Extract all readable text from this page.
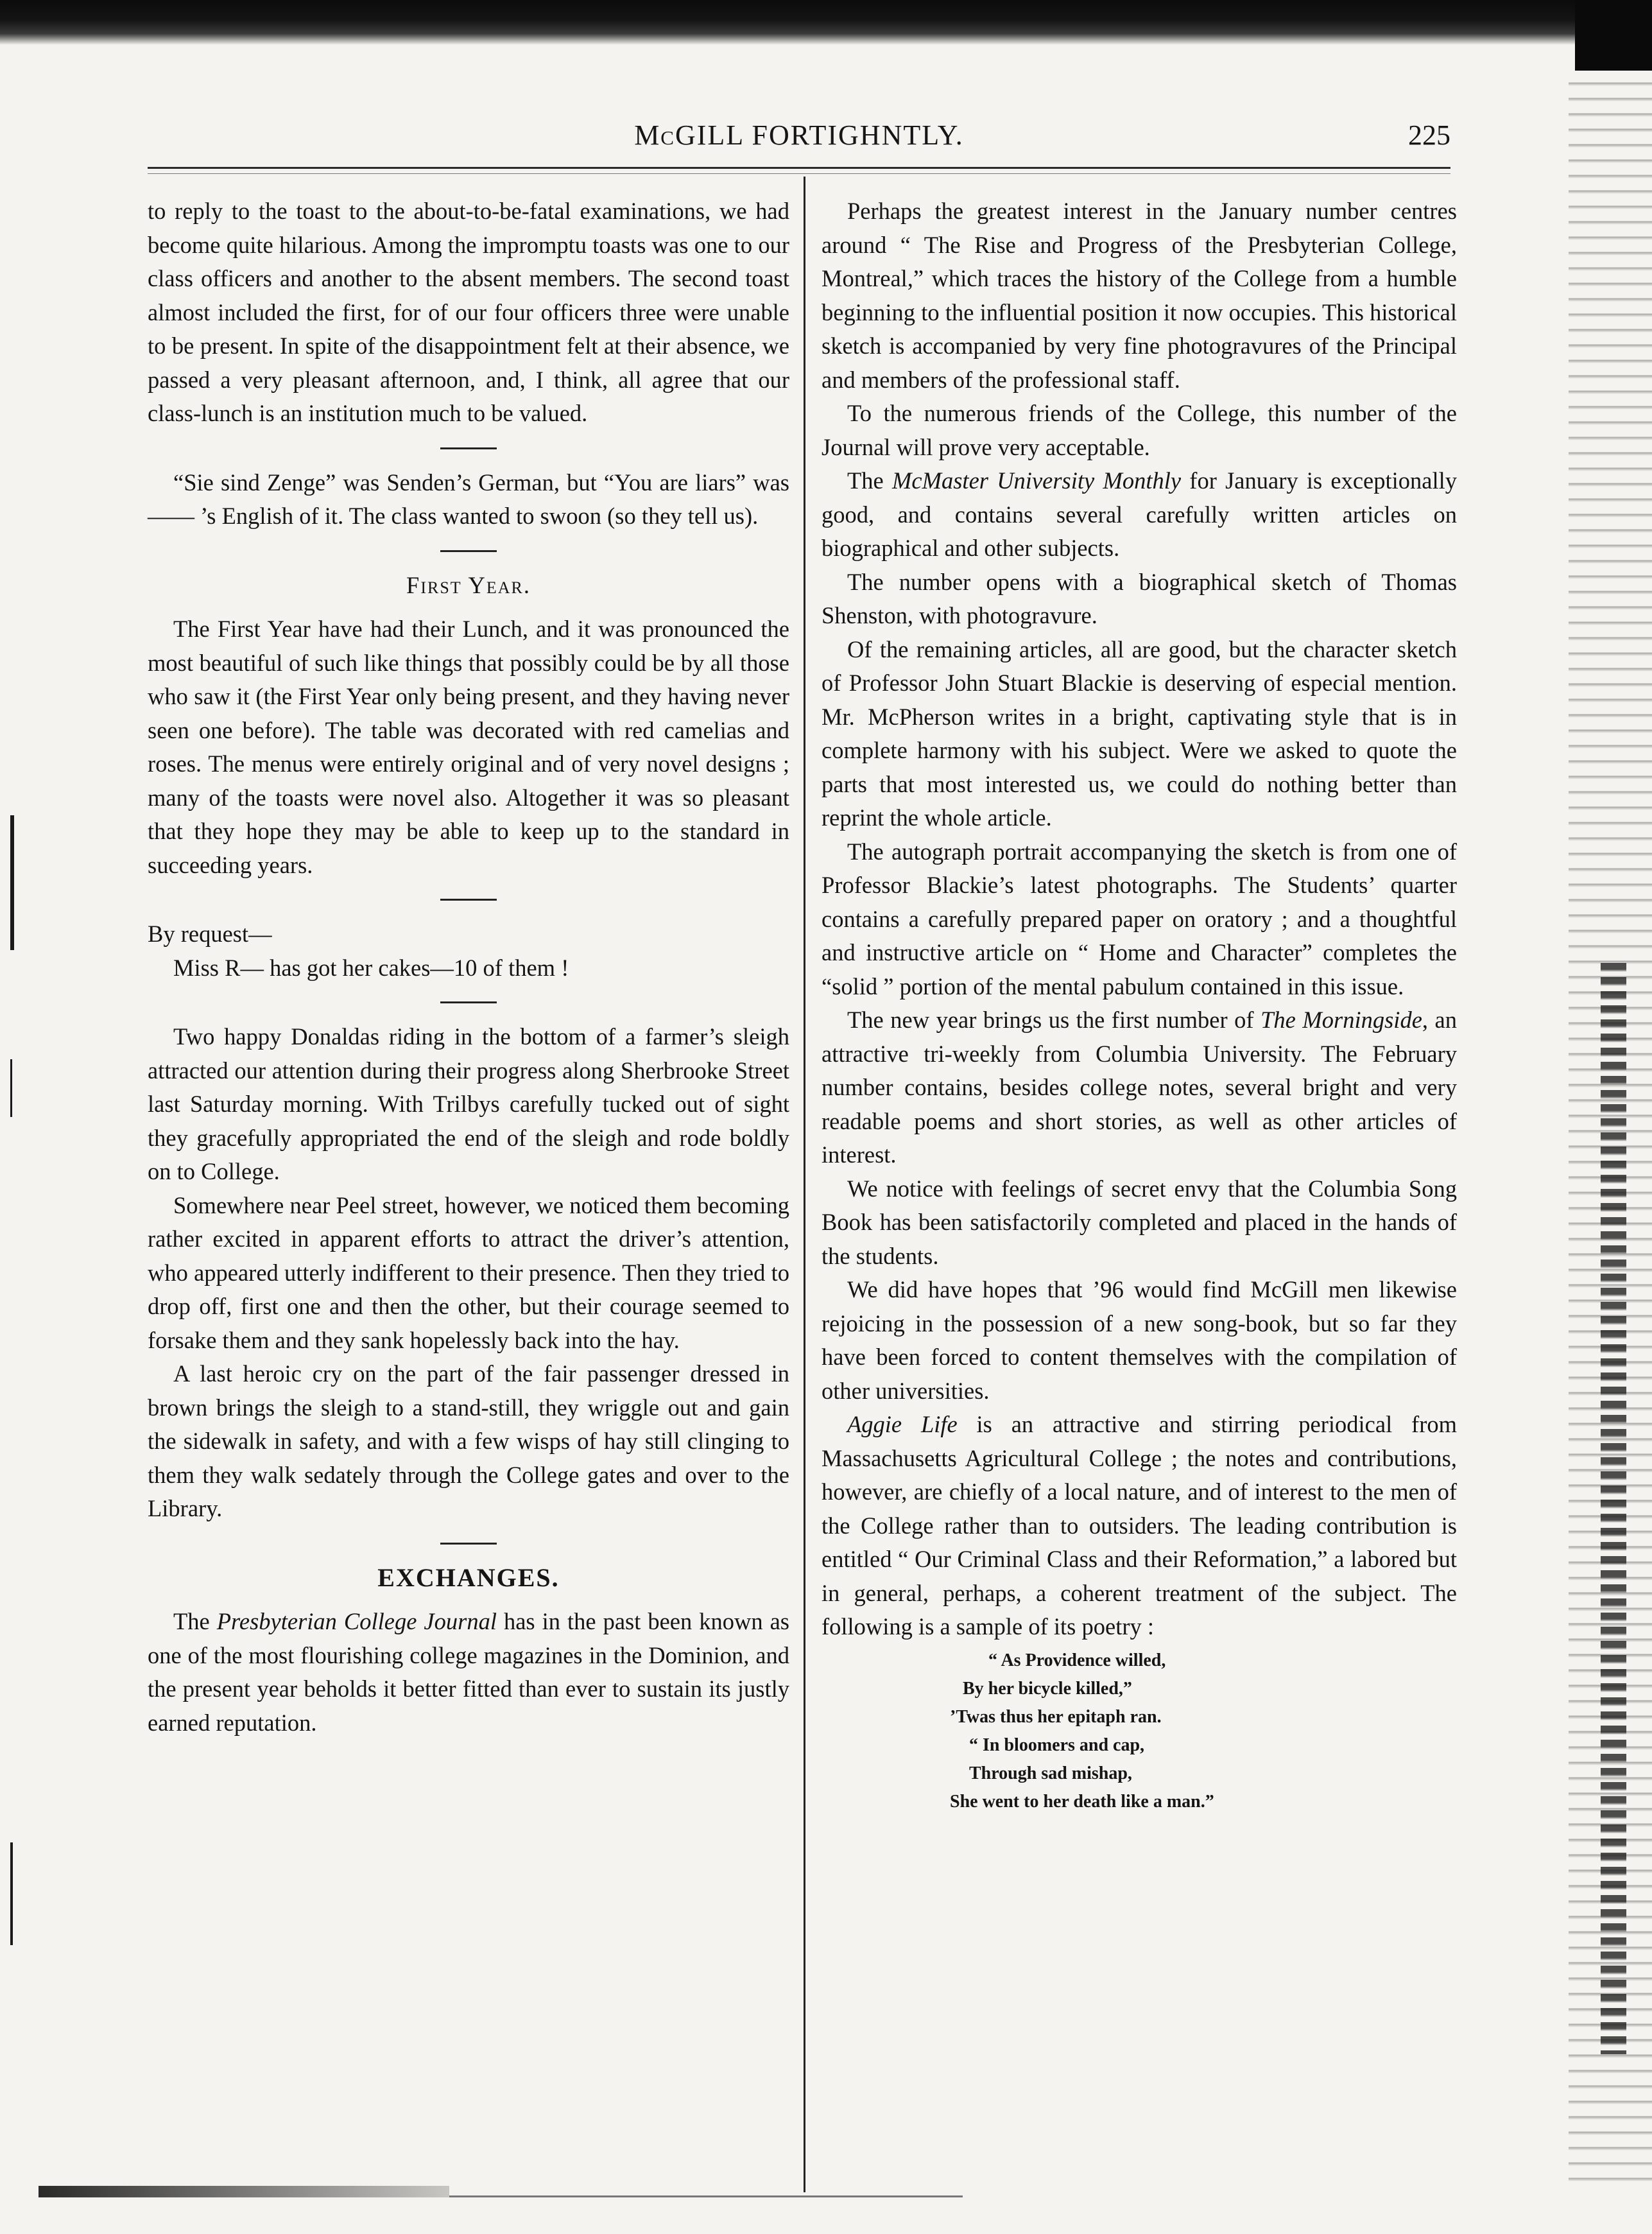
McGILL FORTIGHNTLY.	225

to reply to the toast to the about-to-be-fatal examinations, we had become quite hilarious. Among the impromptu toasts was one to our class officers and another to the absent members. The second toast almost included the first, for of our four officers three were unable to be present. In spite of the disappointment felt at their absence, we passed a very pleasant afternoon, and, I think, all agree that our class-lunch is an institution much to be valued.

“Sie sind Zenge” was Senden’s German, but “You are liars” was —— ’s English of it. The class wanted to swoon (so they tell us).

First Year.

The First Year have had their Lunch, and it was pronounced the most beautiful of such like things that possibly could be by all those who saw it (the First Year only being present, and they having never seen one before). The table was decorated with red camelias and roses. The menus were entirely original and of very novel designs ; many of the toasts were novel also. Altogether it was so pleasant that they hope they may be able to keep up to the standard in succeeding years.

By request—

Miss R— has got her cakes—10 of them !

Two happy Donaldas riding in the bottom of a farmer’s sleigh attracted our attention during their progress along Sherbrooke Street last Saturday morning. With Trilbys carefully tucked out of sight they gracefully appropriated the end of the sleigh and rode boldly on to College.

Somewhere near Peel street, however, we noticed them becoming rather excited in apparent efforts to attract the driver’s attention, who appeared utterly indifferent to their presence. Then they tried to drop off, first one and then the other, but their courage seemed to forsake them and they sank hopelessly back into the hay.

A last heroic cry on the part of the fair passenger dressed in brown brings the sleigh to a stand-still, they wriggle out and gain the sidewalk in safety, and with a few wisps of hay still clinging to them they walk sedately through the College gates and over to the Library.

EXCHANGES.

The Presbyterian College Journal has in the past been known as one of the most flourishing college magazines in the Dominion, and the present year beholds it better fitted than ever to sustain its justly earned reputation.

Perhaps the greatest interest in the January number centres around “ The Rise and Progress of the Presbyterian College, Montreal,” which traces the history of the College from a humble beginning to the influential position it now occupies. This historical sketch is accompanied by very fine photogravures of the Principal and members of the professional staff.

To the numerous friends of the College, this number of the Journal will prove very acceptable.

The McMaster University Monthly for January is exceptionally good, and contains several carefully written articles on biographical and other subjects.

The number opens with a biographical sketch of Thomas Shenston, with photogravure.

Of the remaining articles, all are good, but the character sketch of Professor John Stuart Blackie is deserving of especial mention. Mr. McPherson writes in a bright, captivating style that is in complete harmony with his subject. Were we asked to quote the parts that most interested us, we could do nothing better than reprint the whole article.

The autograph portrait accompanying the sketch is from one of Professor Blackie’s latest photographs. The Students’ quarter contains a carefully prepared paper on oratory ; and a thoughtful and instructive article on “ Home and Character” completes the “solid ” portion of the mental pabulum contained in this issue.

The new year brings us the first number of The Morningside, an attractive tri-weekly from Columbia University. The February number contains, besides college notes, several bright and very readable poems and short stories, as well as other articles of interest.

We notice with feelings of secret envy that the Columbia Song Book has been satisfactorily completed and placed in the hands of the students.

We did have hopes that ’96 would find McGill men likewise rejoicing in the possession of a new song-book, but so far they have been forced to content themselves with the compilation of other universities.

Aggie Life is an attractive and stirring periodical from Massachusetts Agricultural College ; the notes and contributions, however, are chiefly of a local nature, and of interest to the men of the College rather than to outsiders. The leading contribution is entitled “ Our Criminal Class and their Reformation,” a labored but in general, perhaps, a coherent treatment of the subject. The following is a sample of its poetry :

“ As Providence willed,
By her bicycle killed,”
’Twas thus her epitaph ran.
“ In bloomers and cap,
Through sad mishap,
She went to her death like a man.”
